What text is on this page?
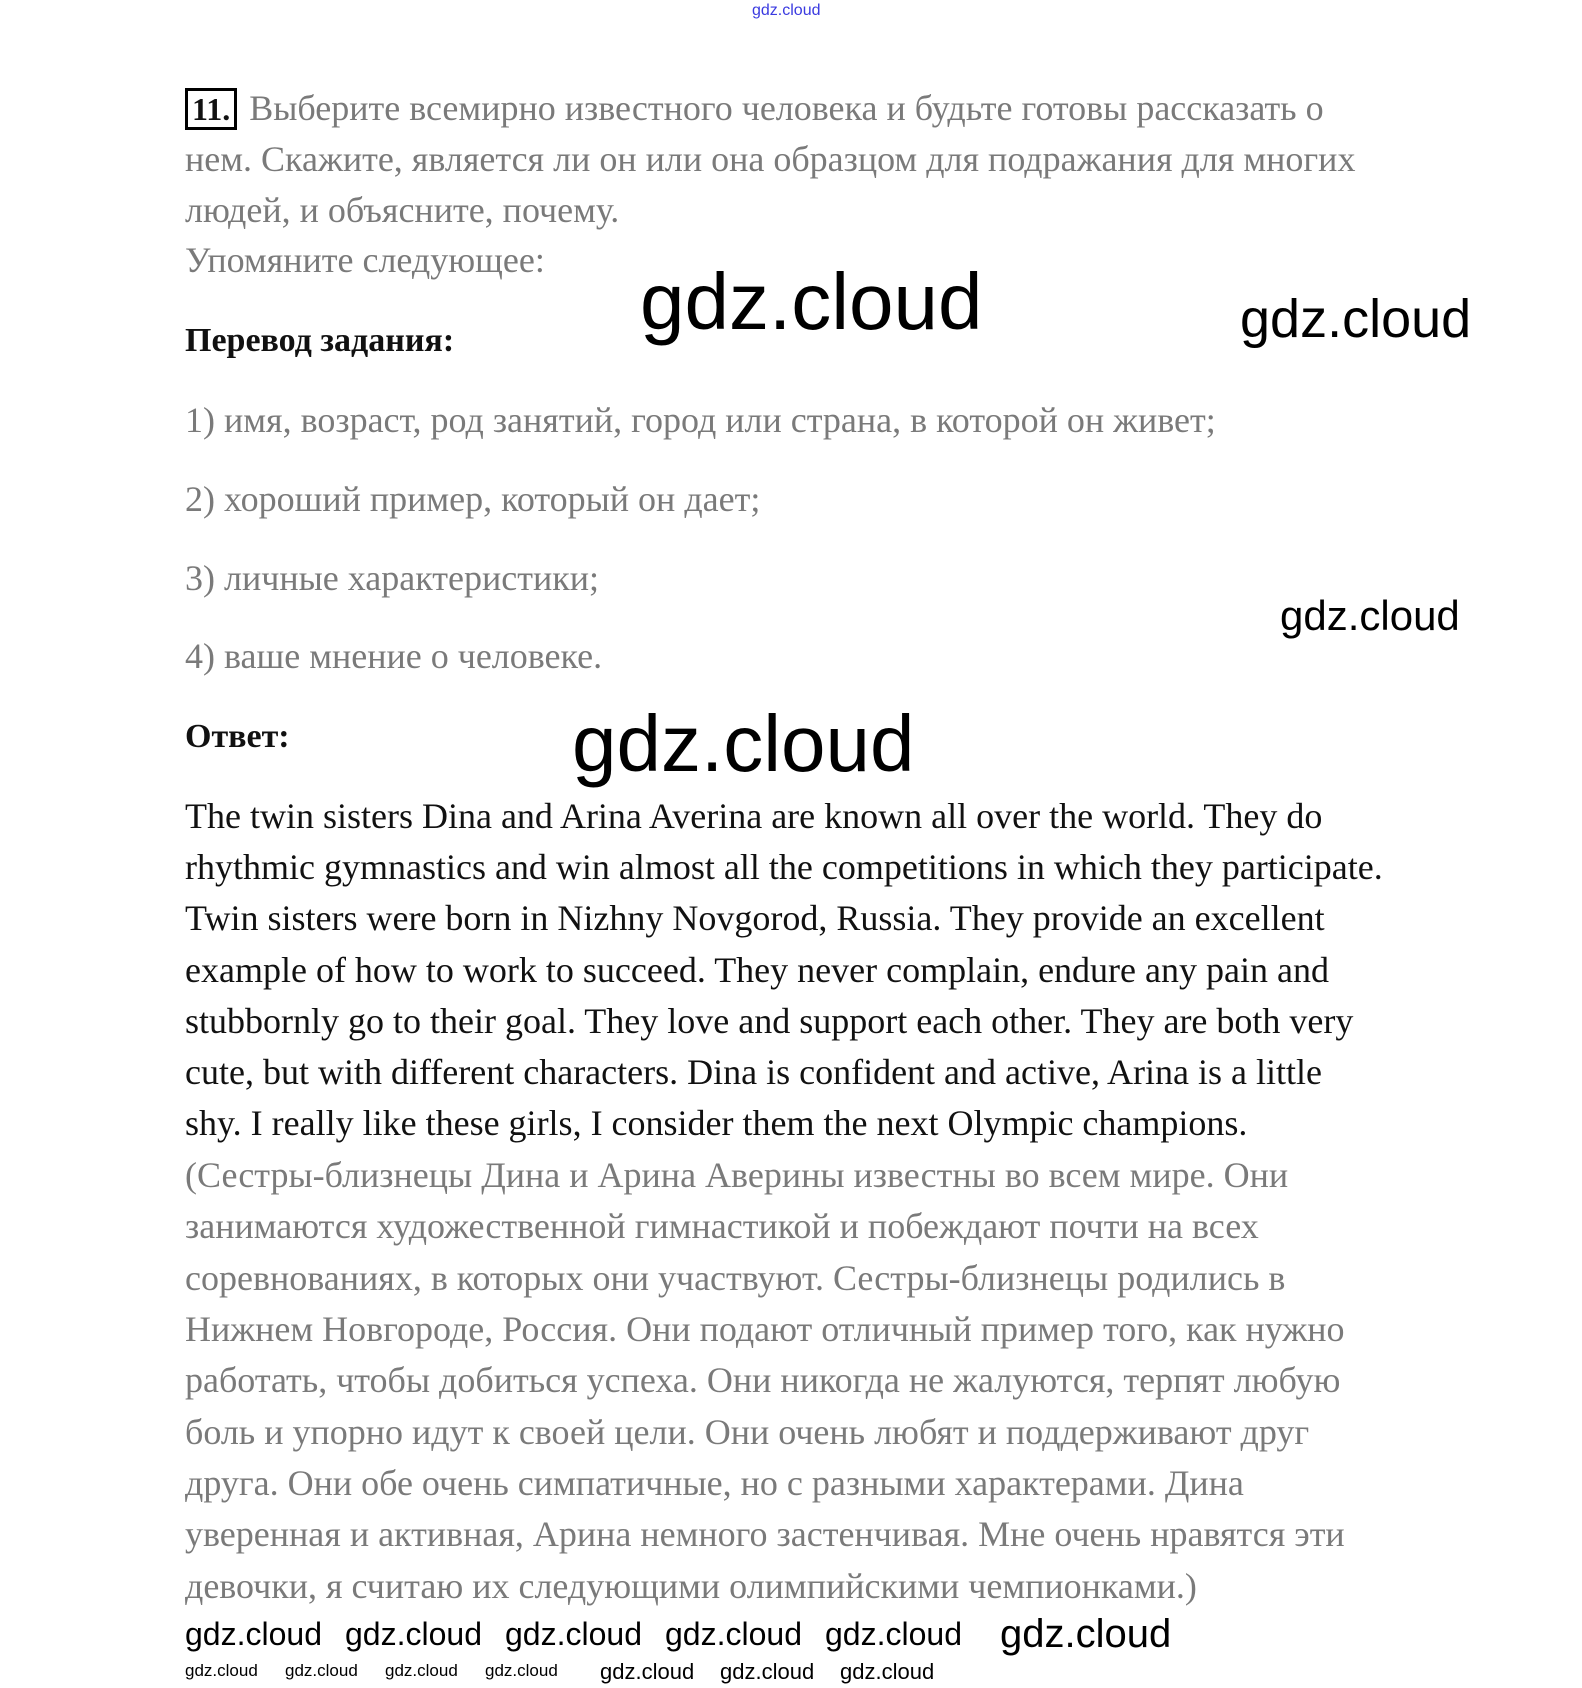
gdz.cloud
11. Выберите всемирно известного человека и будьте готовы рассказать о
нем. Скажите, является ли он или она образцом для подражания для многих
людей, и объясните, почему.
Упомяните следующее:
Перевод задания:
1) имя, возраст, род занятий, город или страна, в которой он живет;
2) хороший пример, который он дает;
3) личные характеристики;
4) ваше мнение о человеке.
Ответ:
The twin sisters Dina and Arina Averina are known all over the world. They do
rhythmic gymnastics and win almost all the competitions in which they participate.
Twin sisters were born in Nizhny Novgorod, Russia. They provide an excellent
example of how to work to succeed. They never complain, endure any pain and
stubbornly go to their goal. They love and support each other. They are both very
cute, but with different characters. Dina is confident and active, Arina is a little
shy. I really like these girls, I consider them the next Olympic champions.
(Сестры-близнецы Дина и Арина Аверины известны во всем мире. Они
занимаются художественной гимнастикой и побеждают почти на всех
соревнованиях, в которых они участвуют. Сестры-близнецы родились в
Нижнем Новгороде, Россия. Они подают отличный пример того, как нужно
работать, чтобы добиться успеха. Они никогда не жалуются, терпят любую
боль и упорно идут к своей цели. Они очень любят и поддерживают друг
друга. Они обе очень симпатичные, но с разными характерами. Дина
уверенная и активная, Арина немного застенчивая. Мне очень нравятся эти
девочки, я считаю их следующими олимпийскими чемпионками.)
gdz.cloud	gdz.cloud
gdz.cloud
gdz.cloud
gdz.cloud gdz.cloud gdz.cloud gdz.cloud gdz.cloud gdz.cloud
gdz.cloud gdz.cloud gdz.cloud gdz.cloud gdz.cloud gdz.cloud gdz.cloud
